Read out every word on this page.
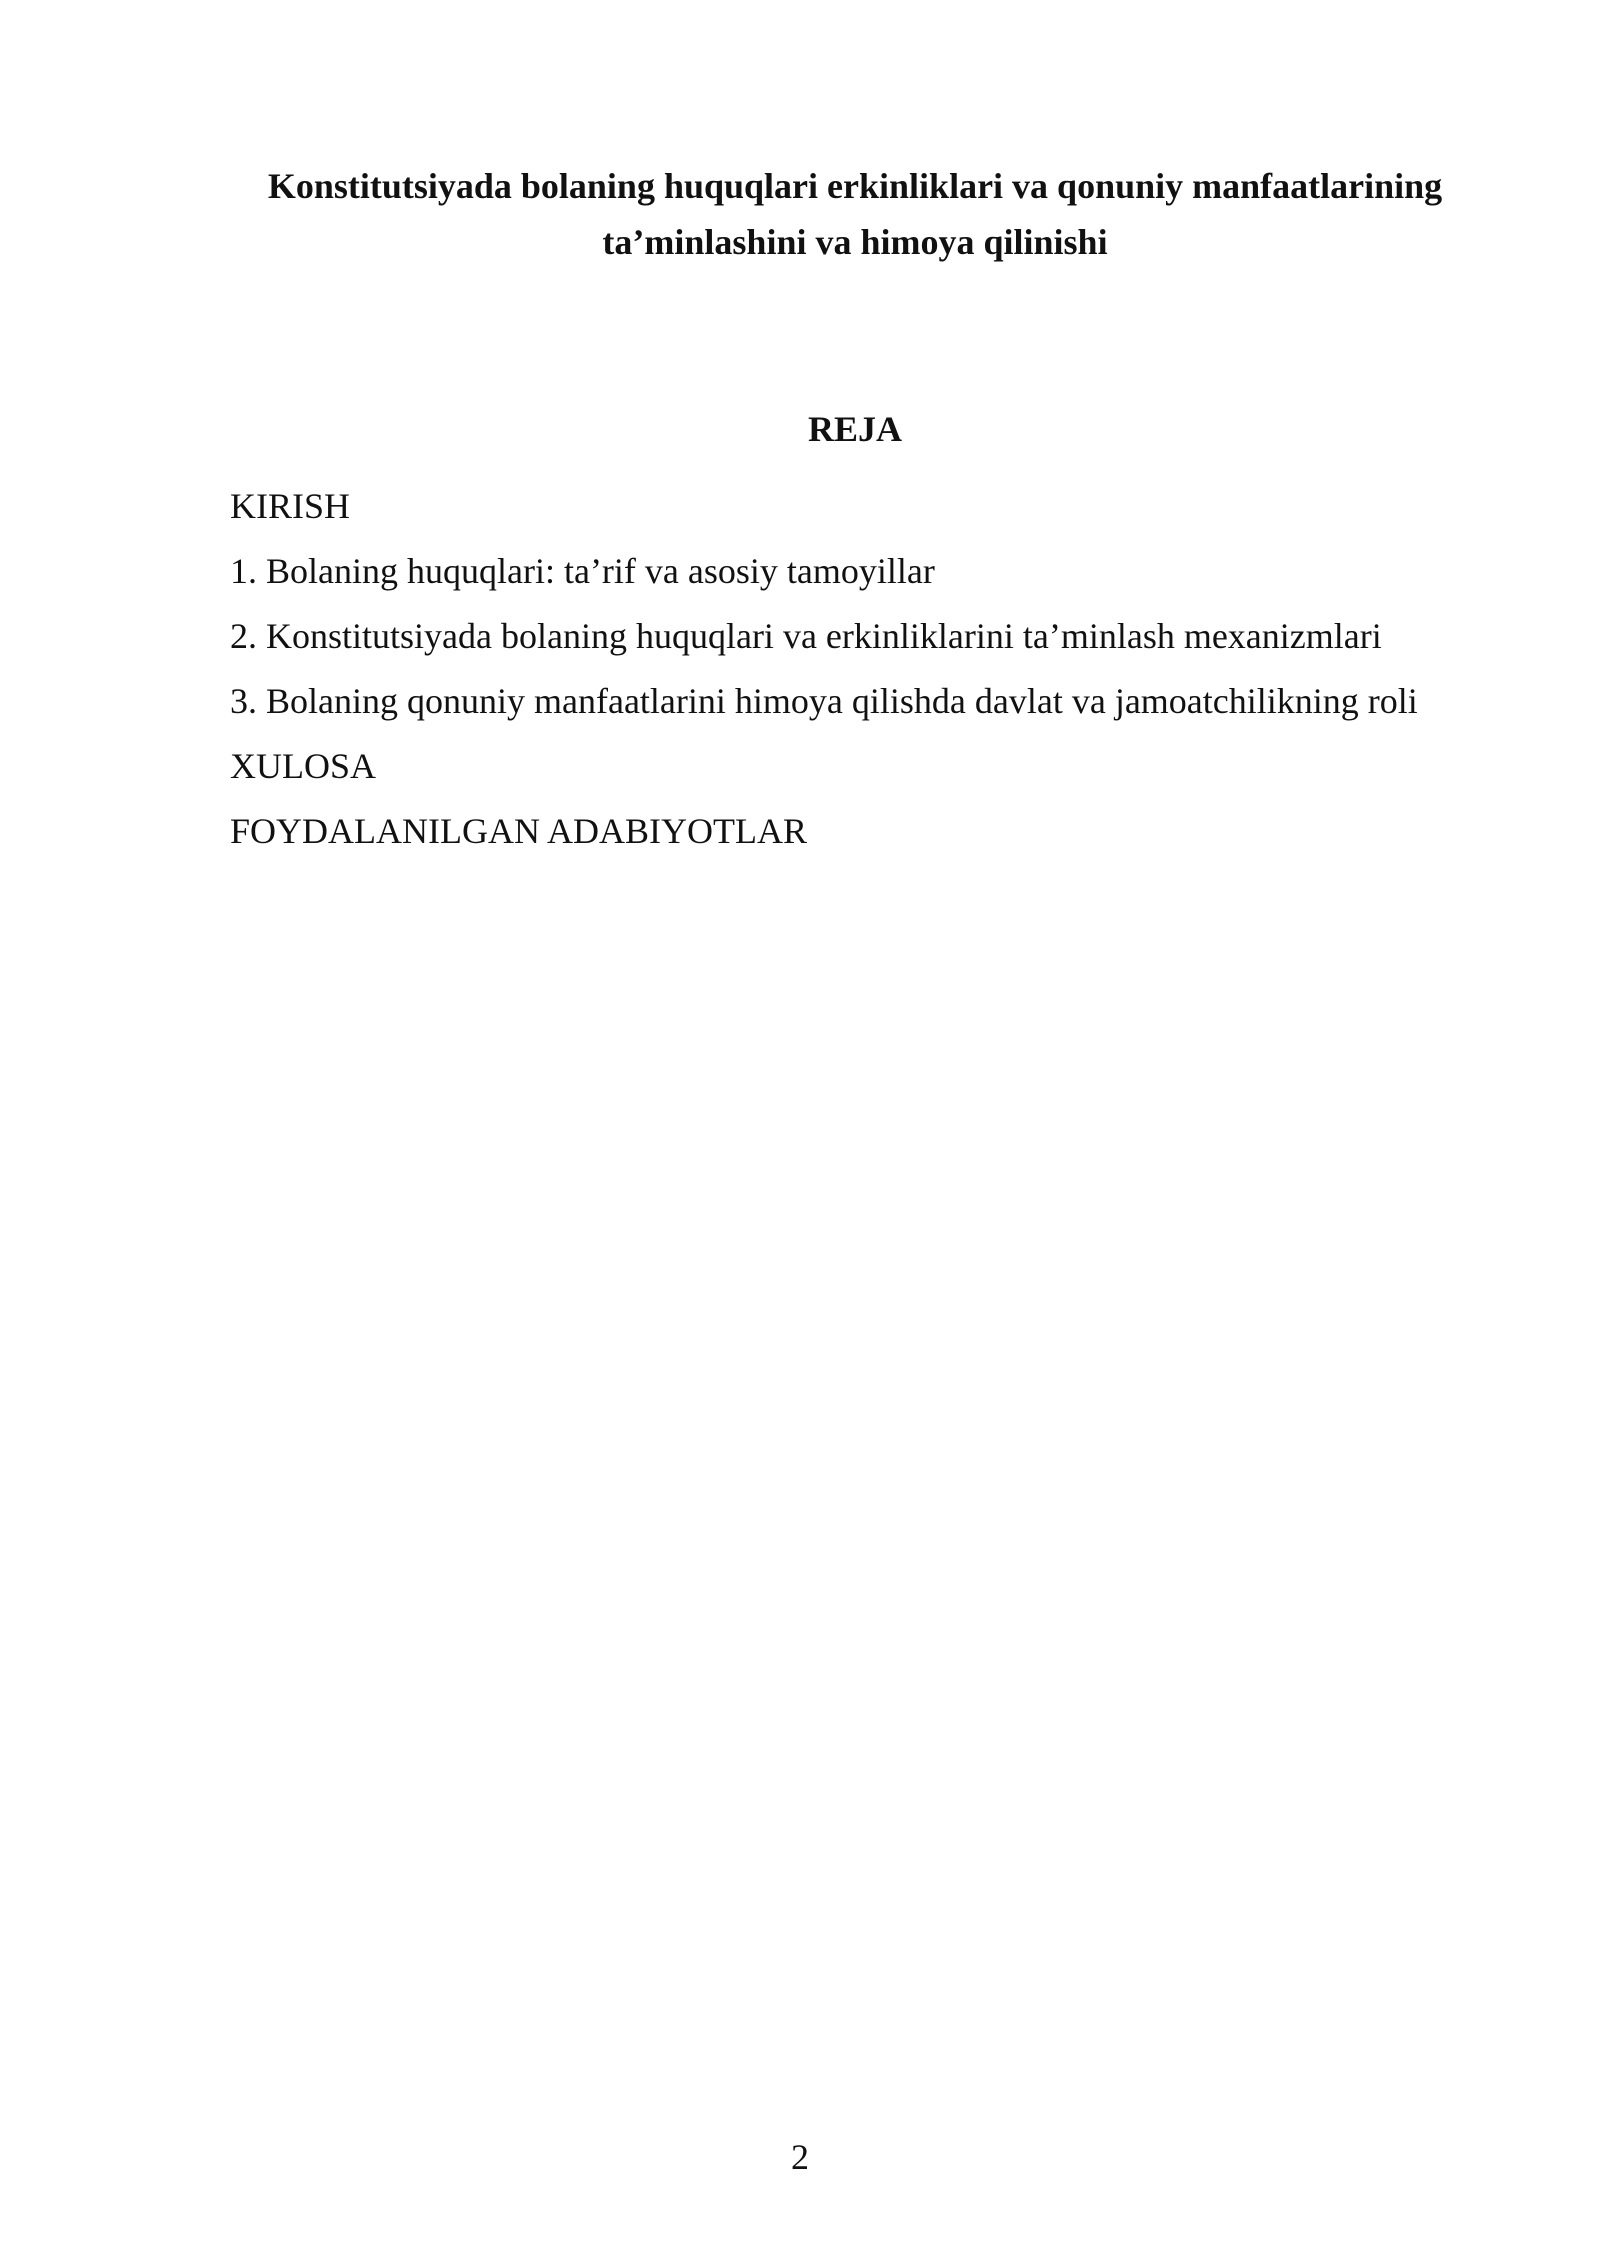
Konstitutsiyada bolaning huquqlari erkinliklari va qonuniy manfaatlarining
ta’minlashini va himoya qilinishi
REJA
KIRISH
1. Bolaning huquqlari: ta’rif va asosiy tamoyillar
2. Konstitutsiyada bolaning huquqlari va erkinliklarini ta’minlash mexanizmlari
3. Bolaning qonuniy manfaatlarini himoya qilishda davlat va jamoatchilikning roli
XULOSA
FOYDALANILGAN ADABIYOTLAR
2
